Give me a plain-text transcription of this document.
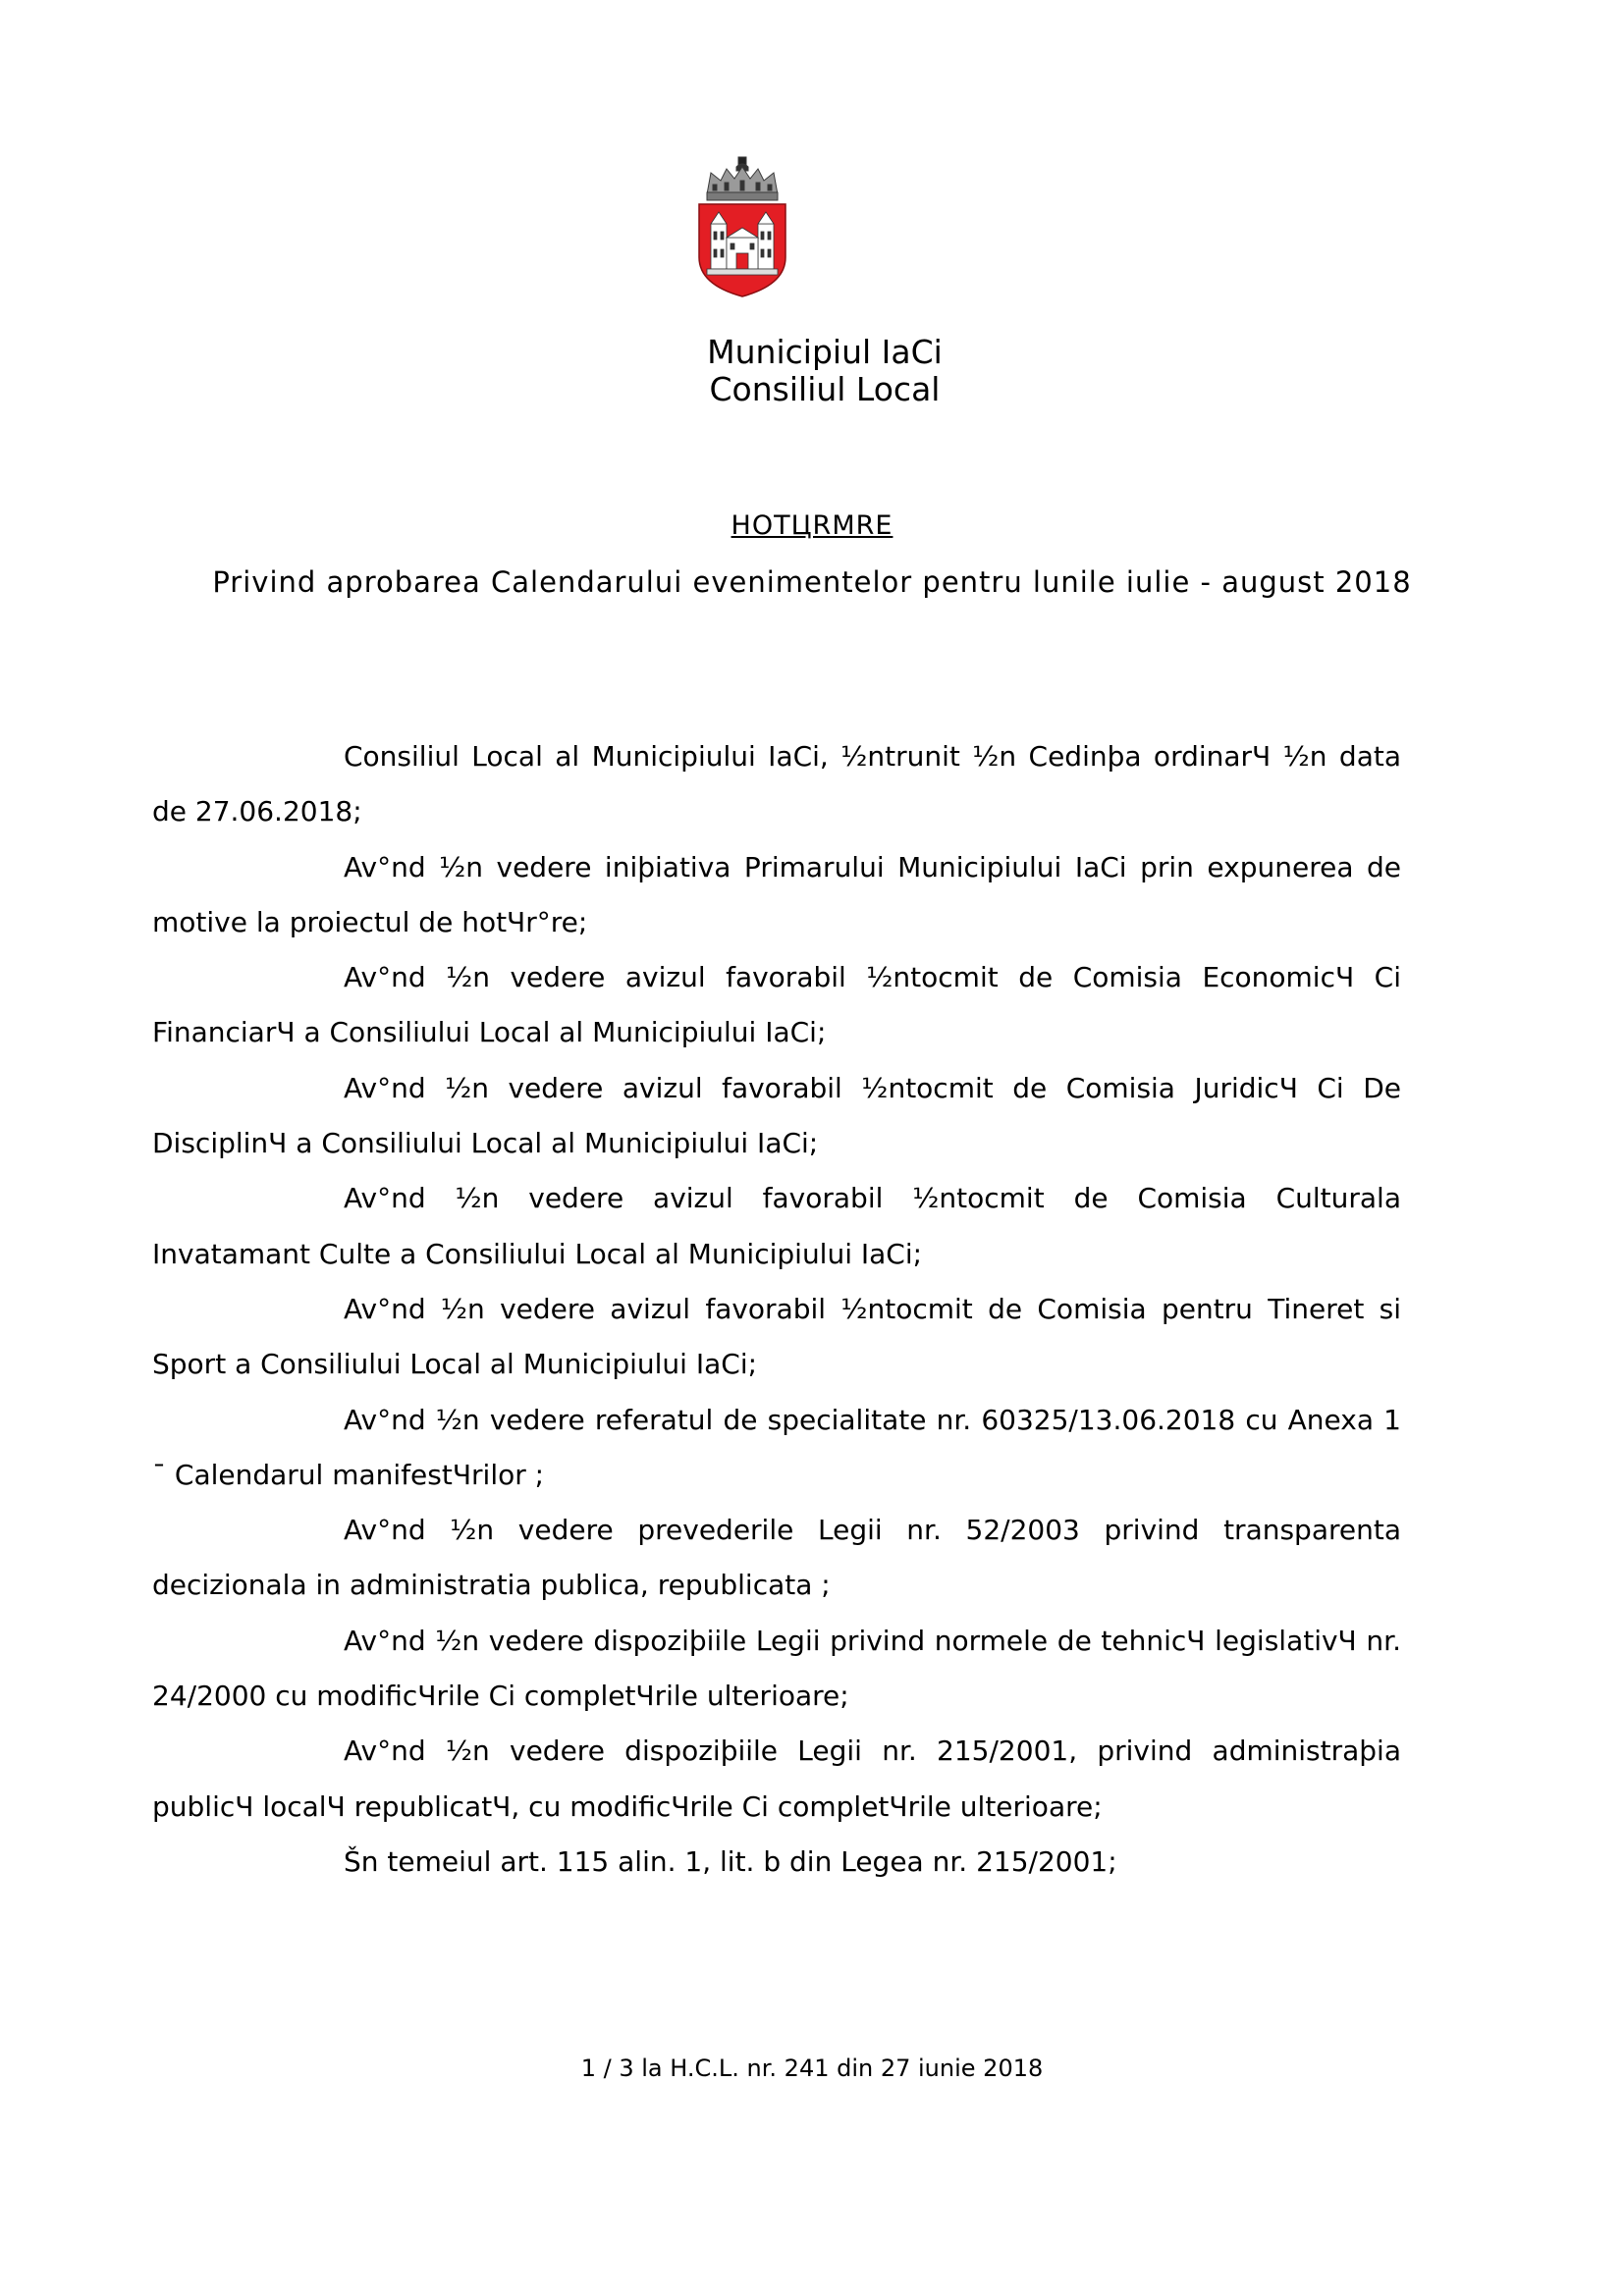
Municipiul IaCi
Consiliul Local
HOTЦRMRE
Privind aprobarea Calendarului evenimentelor pentru lunile iulie - august 2018

Consiliul Local al Municipiului IaCi, ½ntrunit ½n Cedinþa ordinarЧ ½n data de 27.06.2018;

Av°nd ½n vedere iniþiativa Primarului Municipiului IaCi prin expunerea de motive la proiectul de hotЧr°re;

Av°nd ½n vedere avizul favorabil ½ntocmit de Comisia EconomicЧ Ci FinanciarЧ a Consiliului Local al Municipiului IaCi;

Av°nd ½n vedere avizul favorabil ½ntocmit de Comisia JuridicЧ Ci De DisciplinЧ a Consiliului Local al Municipiului IaCi;

Av°nd ½n vedere avizul favorabil ½ntocmit de Comisia Culturala Invatamant Culte a Consiliului Local al Municipiului IaCi;

Av°nd ½n vedere avizul favorabil ½ntocmit de Comisia pentru Tineret si Sport a Consiliului Local al Municipiului IaCi;

Av°nd ½n vedere referatul de specialitate nr. 60325/13.06.2018 cu Anexa 1 ¯ Calendarul manifestЧrilor ;

Av°nd ½n vedere prevederile Legii nr. 52/2003 privind transparenta decizionala in administratia publica, republicata ;

Av°nd ½n vedere dispoziþiile Legii privind normele de tehnicЧ legislativЧ nr. 24/2000 cu modificЧrile Ci completЧrile ulterioare;

Av°nd ½n vedere dispoziþiile Legii nr. 215/2001, privind administraþia publicЧ localЧ republicatЧ, cu modificЧrile Ci completЧrile ulterioare;

Šn temeiul art. 115 alin. 1, lit. b din Legea nr. 215/2001;

1 / 3 la H.C.L. nr. 241 din 27 iunie 2018
